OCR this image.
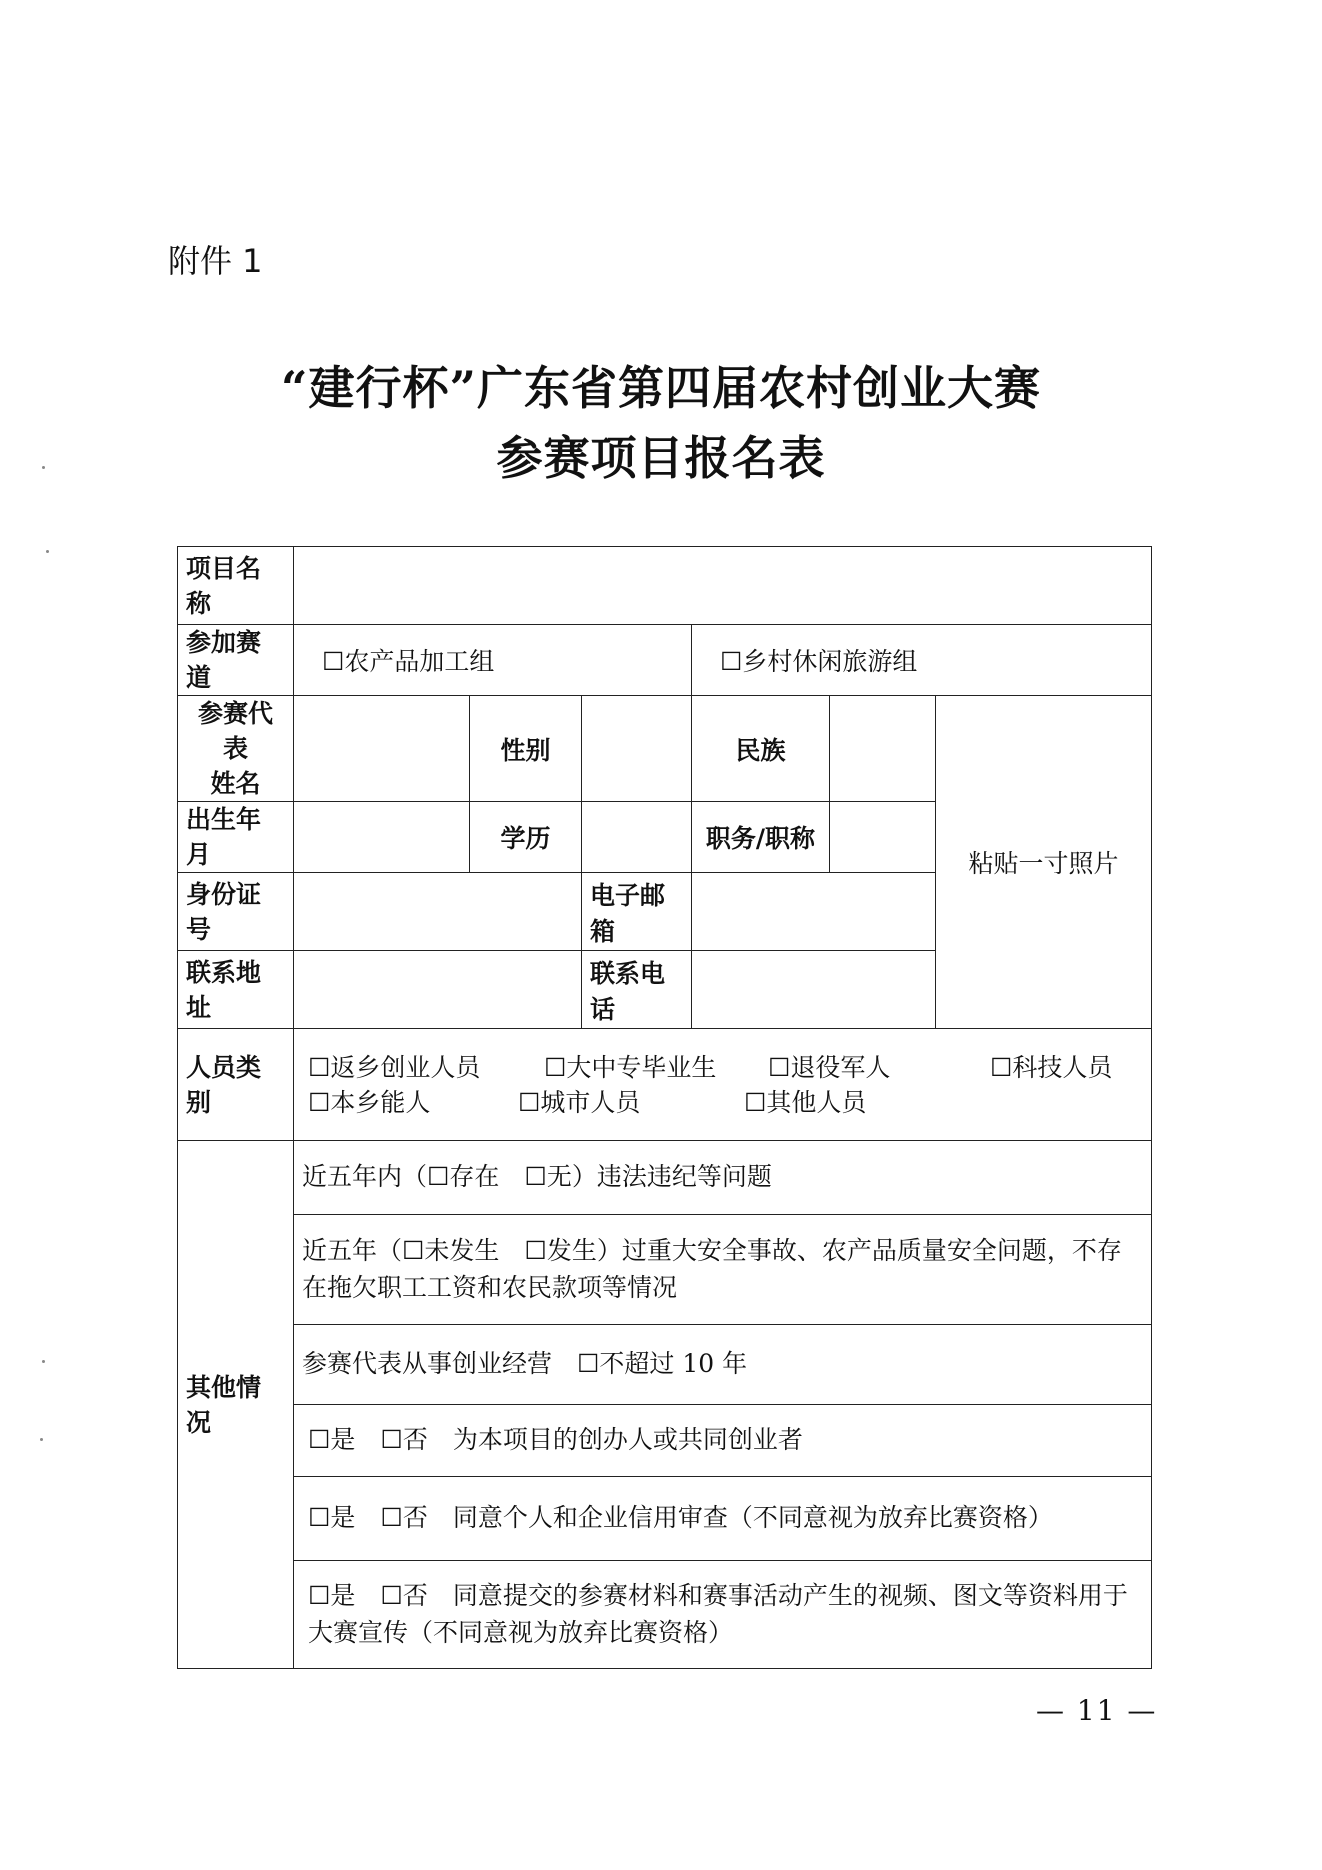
附件 1
“建行杯”广东省第四届农村创业大赛
参赛项目报名表
项目名称						
参加赛道	☐农产品加工组			☐乡村休闲旅游组		

参赛代表
姓名		性别		民族		粘贴一寸照片
出生年月		学历		职务/职称		
身份证号			电子邮箱			
联系地址			联系电话			
人员类别	☐返乡创业人员 ☐大中专毕业生 ☐退役军人 ☐科技人员
☐本乡能人 ☐城市人员 ☐其他人员					

其他情况	近五年内（☐存在　☐无）违法违纪等问题					
	近五年（☐未发生　☐发生）过重大安全事故、农产品质量安全问题，不存在拖欠职工工资和农民款项等情况					
	参赛代表从事创业经营　☐不超过 10 年					
	☐是　☐否　为本项目的创办人或共同创业者					
	☐是　☐否　同意个人和企业信用审查（不同意视为放弃比赛资格）					
	☐是　☐否　同意提交的参赛材料和赛事活动产生的视频、图文等资料用于大赛宣传（不同意视为放弃比赛资格）					
— 11 —
